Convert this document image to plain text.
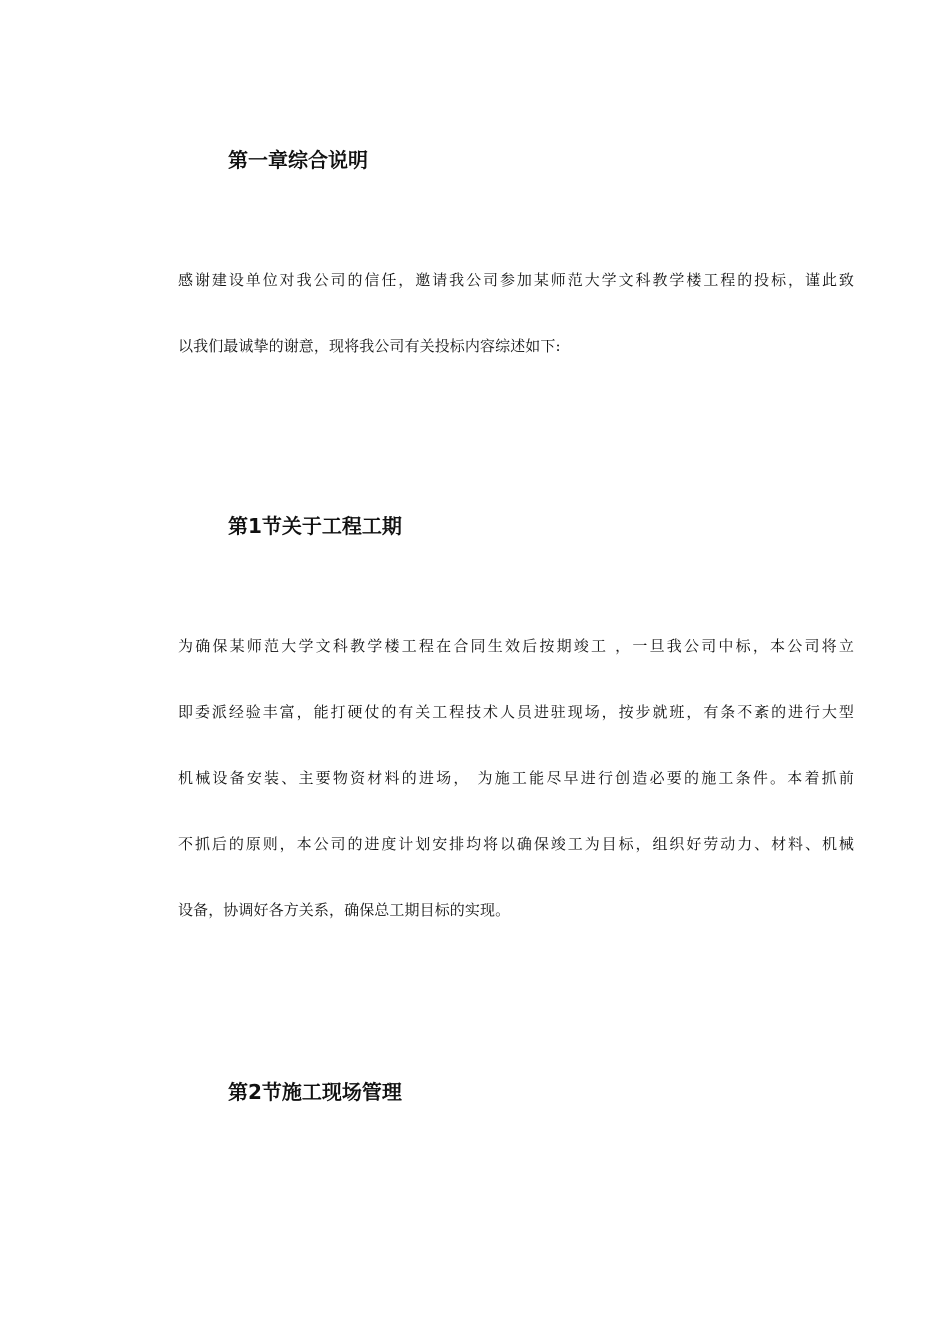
第一章综合说明
感谢建设单位对我公司的信任，邀请我公司参加某师范大学文科教学楼工程的投标，谨此致
以我们最诚挚的谢意，现将我公司有关投标内容综述如下:
第1节关于工程工期
为确保某师范大学文科教学楼工程在合同生效后按期竣工 ，一旦我公司中标，本公司将立
即委派经验丰富，能打硬仗的有关工程技术人员进驻现场，按步就班，有条不紊的进行大型
机械设备安装、主要物资材料的进场， 为施工能尽早进行创造必要的施工条件。本着抓前
不抓后的原则，本公司的进度计划安排均将以确保竣工为目标，组织好劳动力、材料、机械
设备，协调好各方关系，确保总工期目标的实现。
第2节施工现场管理
